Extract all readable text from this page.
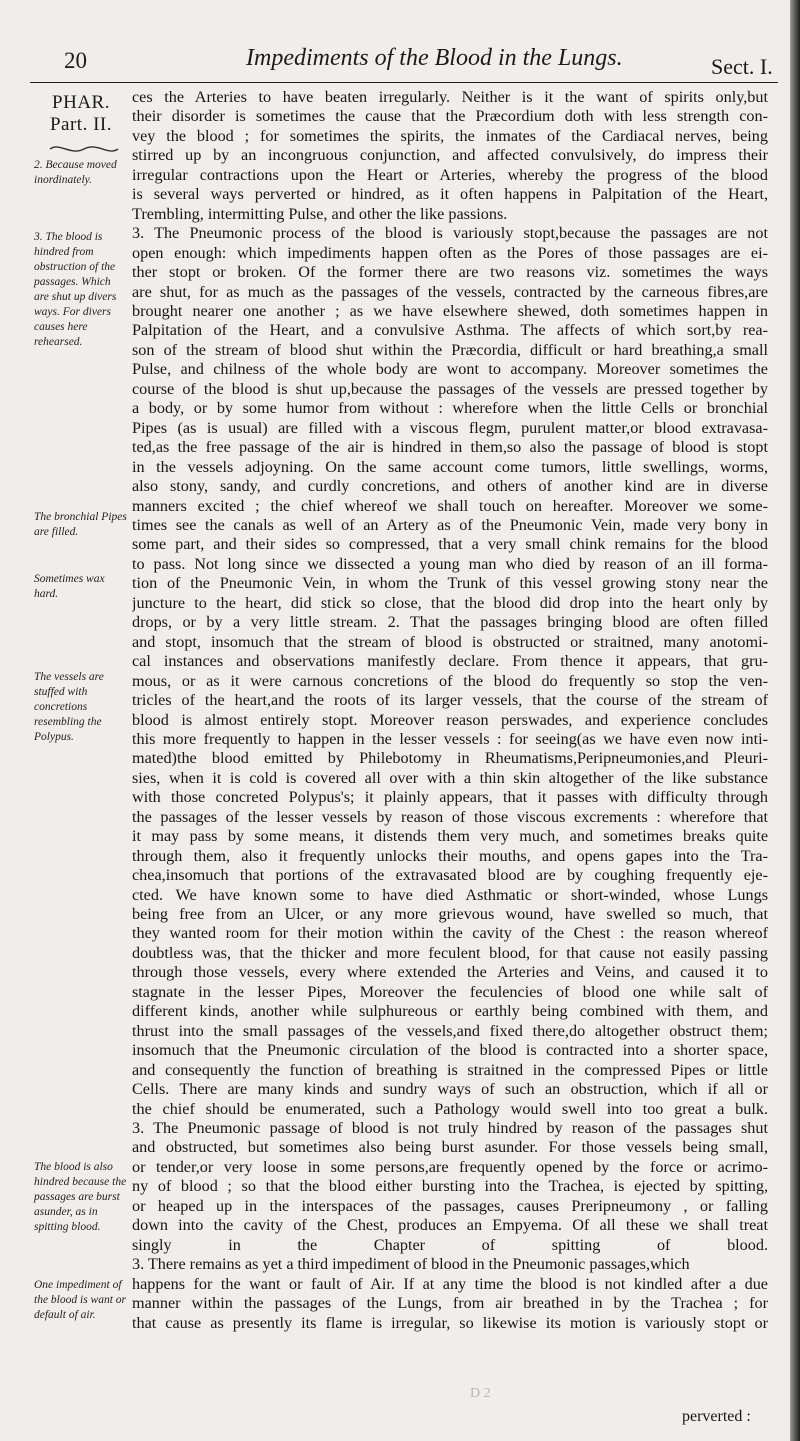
20	Impediments of the Blood in the Lungs.	Sect. I.
PHAR.
Part. II.
2. Because moved inordinately.
3. The blood is hindred from obstruction of the passages. Which are shut up divers ways. For divers causes here rehearsed.
The bronchial Pipes are filled.
Sometimes wax hard.
The vessels are stuffed with concretions resembling the Polypus.
The blood is also hindred because the passages are burst asunder, as in spitting blood.
One impediment of the blood is want or default of air.
ces the Arteries to have beaten irregularly. Neither is it the want of spirits only,but
their disorder is sometimes the cause that the Præcordium doth with less strength con-
vey the blood ; for sometimes the spirits, the inmates of the Cardiacal nerves, being
stirred up by an incongruous conjunction, and affected convulsively, do impress their
irregular contractions upon the Heart or Arteries, whereby the progress of the blood
is several ways perverted or hindred, as it often happens in Palpitation of the Heart,
Trembling, intermitting Pulse, and other the like passions.
3. The Pneumonic process of the blood is variously stopt,because the passages are not
open enough: which impediments happen often as the Pores of those passages are ei-
ther stopt or broken. Of the former there are two reasons viz. sometimes the ways
are shut, for as much as the passages of the vessels, contracted by the carneous fibres,are
brought nearer one another ; as we have elsewhere shewed, doth sometimes happen in
Palpitation of the Heart, and a convulsive Asthma. The affects of which sort,by rea-
son of the stream of blood shut within the Præcordia, difficult or hard breathing,a small
Pulse, and chilness of the whole body are wont to accompany. Moreover sometimes the
course of the blood is shut up,because the passages of the vessels are pressed together by
a body, or by some humor from without : wherefore when the little Cells or bronchial
Pipes (as is usual) are filled with a viscous flegm, purulent matter,or blood extravasa-
ted,as the free passage of the air is hindred in them,so also the passage of blood is stopt
in the vessels adjoyning. On the same account come tumors, little swellings, worms,
also stony, sandy, and curdly concretions, and others of another kind are in diverse
manners excited ; the chief whereof we shall touch on hereafter. Moreover we some-
times see the canals as well of an Artery as of the Pneumonic Vein, made very bony in
some part, and their sides so compressed, that a very small chink remains for the blood
to pass. Not long since we dissected a young man who died by reason of an ill forma-
tion of the Pneumonic Vein, in whom the Trunk of this vessel growing stony near the
juncture to the heart, did stick so close, that the blood did drop into the heart only by
drops, or by a very little stream. 2. That the passages bringing blood are often filled
and stopt, insomuch that the stream of blood is obstructed or straitned, many anotomi-
cal instances and observations manifestly declare. From thence it appears, that gru-
mous, or as it were carnous concretions of the blood do frequently so stop the ven-
tricles of the heart,and the roots of its larger vessels, that the course of the stream of
blood is almost entirely stopt. Moreover reason perswades, and experience concludes
this more frequently to happen in the lesser vessels : for seeing(as we have even now inti-
mated)the blood emitted by Philebotomy in Rheumatisms,Peripneumonies,and Pleuri-
sies, when it is cold is covered all over with a thin skin altogether of the like substance
with those concreted Polypus's; it plainly appears, that it passes with difficulty through
the passages of the lesser vessels by reason of those viscous excrements : wherefore that
it may pass by some means, it distends them very much, and sometimes breaks quite
through them, also it frequently unlocks their mouths, and opens gapes into the Tra-
chea,insomuch that portions of the extravasated blood are by coughing frequently eje-
cted. We have known some to have died Asthmatic or short-winded, whose Lungs
being free from an Ulcer, or any more grievous wound, have swelled so much, that
they wanted room for their motion within the cavity of the Chest : the reason whereof
doubtless was, that the thicker and more feculent blood, for that cause not easily passing
through those vessels, every where extended the Arteries and Veins, and caused it to
stagnate in the lesser Pipes, Moreover the feculencies of blood one while salt of
different kinds, another while sulphureous or earthly being combined with them, and
thrust into the small passages of the vessels,and fixed there,do altogether obstruct them;
insomuch that the Pneumonic circulation of the blood is contracted into a shorter space,
and consequently the function of breathing is straitned in the compressed Pipes or little
Cells. There are many kinds and sundry ways of such an obstruction, which if all or
the chief should be enumerated, such a Pathology would swell into too great a bulk.
3. The Pneumonic passage of blood is not truly hindred by reason of the passages shut
and obstructed, but sometimes also being burst asunder. For those vessels being small,
or tender,or very loose in some persons,are frequently opened by the force or acrimo-
ny of blood ; so that the blood either bursting into the Trachea, is ejected by spitting,
or heaped up in the interspaces of the passages, causes Preripneumony , or falling
down into the cavity of the Chest, produces an Empyema. Of all these we shall treat
singly in the Chapter of spitting of blood.
3. There remains as yet a third impediment of blood in the Pneumonic passages,which
happens for the want or fault of Air. If at any time the blood is not kindled after a due
manner within the passages of the Lungs, from air breathed in by the Trachea ; for
that cause as presently its flame is irregular, so likewise its motion is variously stopt or
D 2
perverted :
